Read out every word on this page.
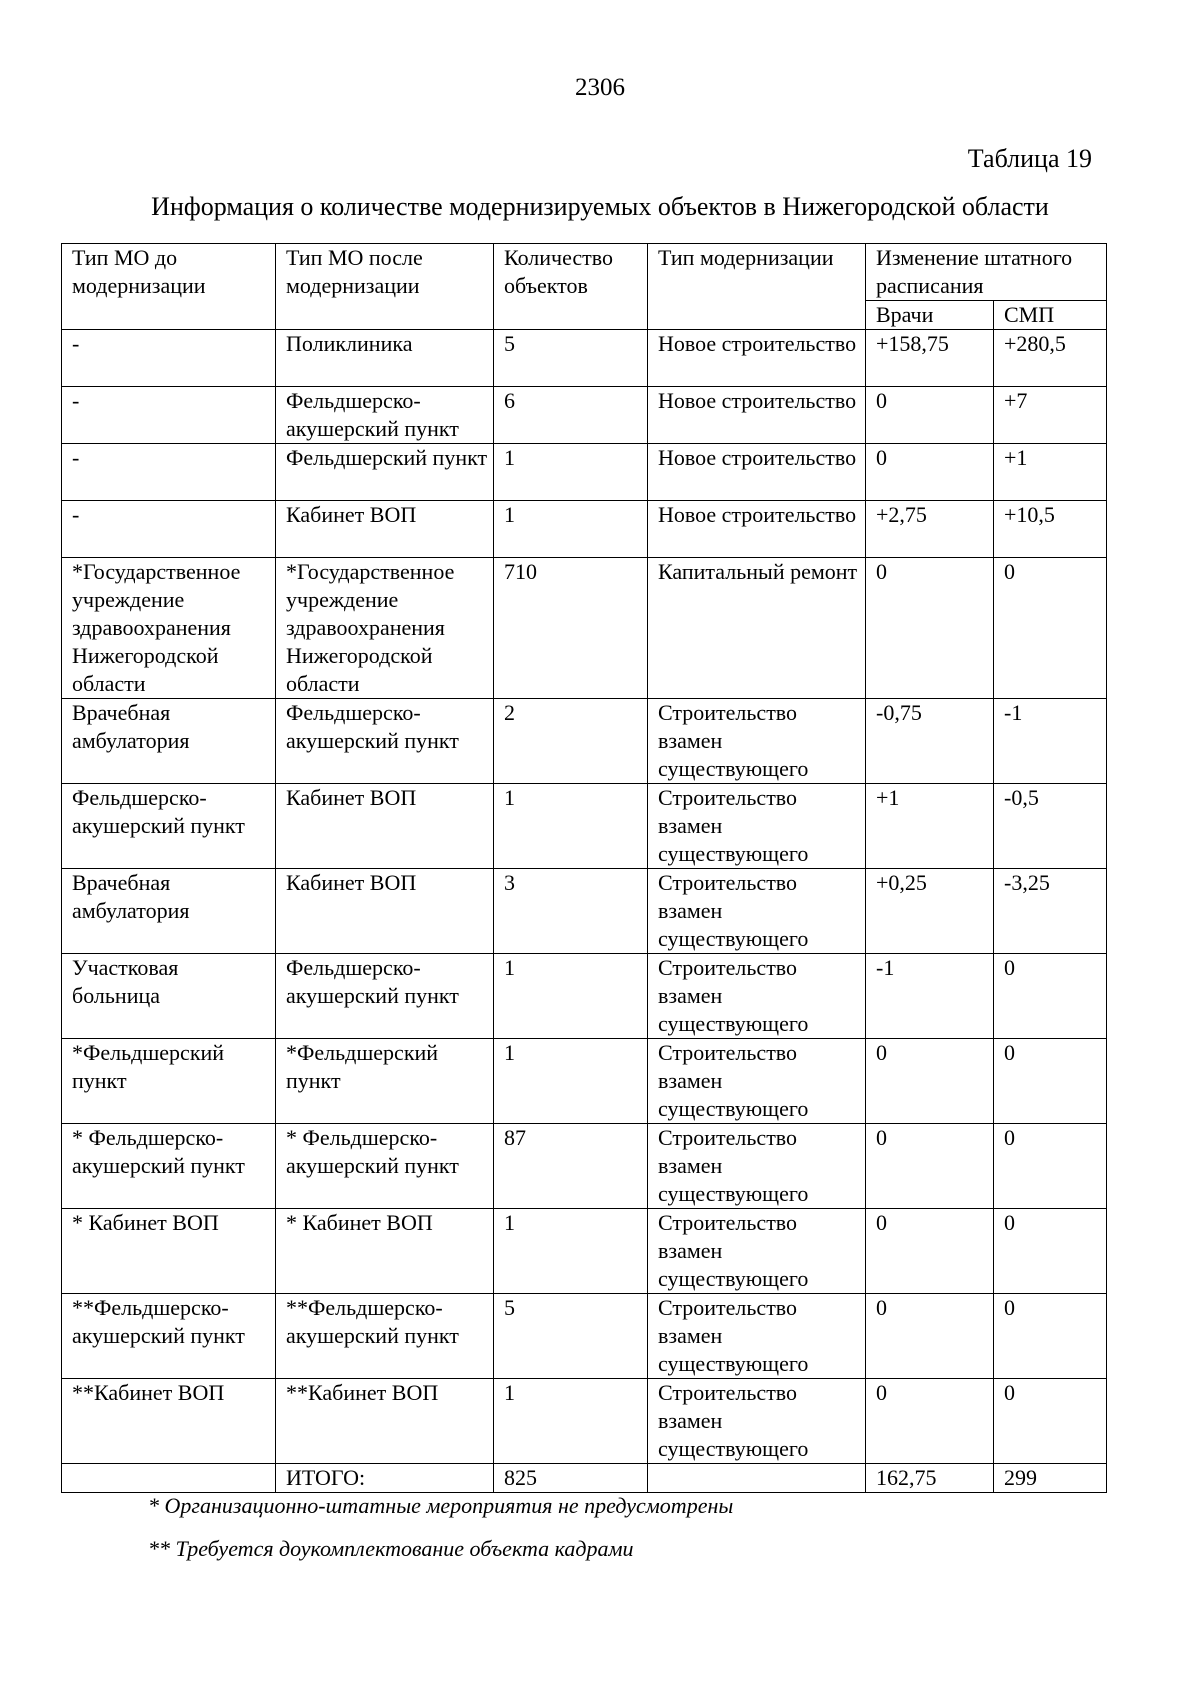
2306
Таблица 19
Информация о количестве модернизируемых объектов в Нижегородской области
Тип МО до модернизации	Тип МО после модернизации	Количество объектов	Тип модернизации	Изменение штатного расписания	
				Врачи	СМП
-	Поликлиника	5	Новое строительство	+158,75	+280,5
-	Фельдшерско-акушерский пункт	6	Новое строительство	0	+7
-	Фельдшерский пункт	1	Новое строительство	0	+1
-	Кабинет ВОП	1	Новое строительство	+2,75	+10,5
*Государственное учреждение здравоохранения Нижегородской области	*Государственное учреждение здравоохранения Нижегородской области	710	Капитальный ремонт	0	0
Врачебная амбулатория	Фельдшерско-акушерский пункт	2	Строительство взамен существующего	-0,75	-1
Фельдшерско-акушерский пункт	Кабинет ВОП	1	Строительство взамен существующего	+1	-0,5
Врачебная амбулатория	Кабинет ВОП	3	Строительство взамен существующего	+0,25	-3,25
Участковая больница	Фельдшерско-акушерский пункт	1	Строительство взамен существующего	-1	0
*Фельдшерский пункт	*Фельдшерский пункт	1	Строительство взамен существующего	0	0
* Фельдшерско-акушерский пункт	* Фельдшерско-акушерский пункт	87	Строительство взамен существующего	0	0
* Кабинет ВОП	* Кабинет ВОП	1	Строительство взамен существующего	0	0
**Фельдшерско-акушерский пункт	**Фельдшерско-акушерский пункт	5	Строительство взамен существующего	0	0
**Кабинет ВОП	**Кабинет ВОП	1	Строительство взамен существующего	0	0
	ИТОГО:	825		162,75	299
* Организационно-штатные мероприятия не предусмотрены
** Требуется доукомплектование объекта кадрами
